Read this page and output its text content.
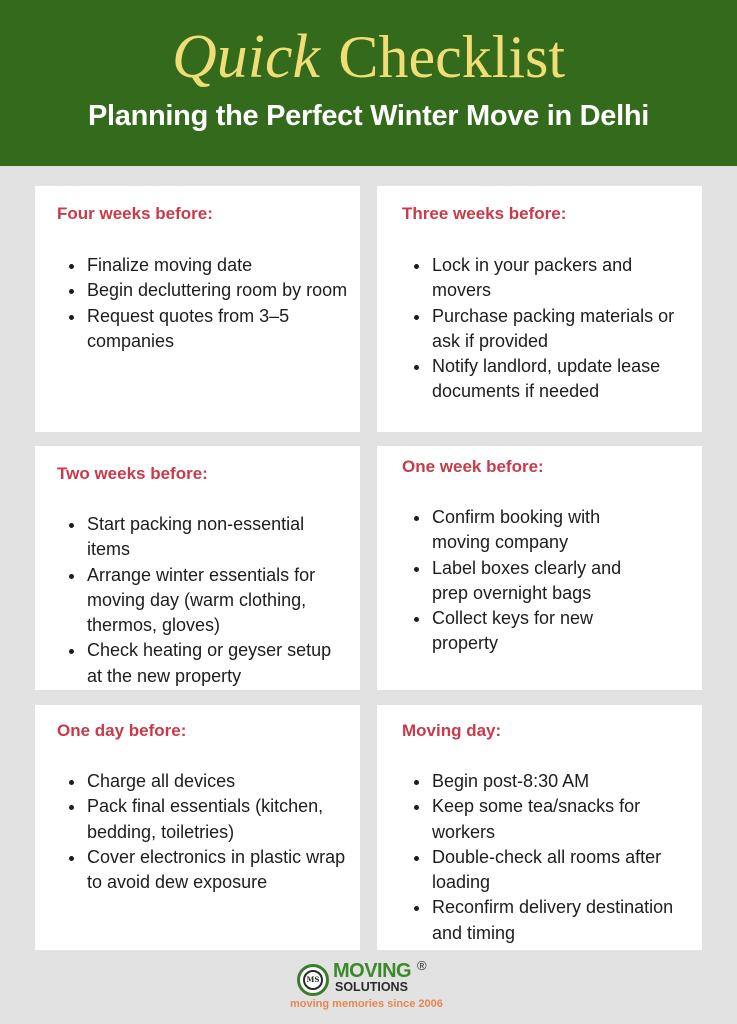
Quick Checklist
Planning the Perfect Winter Move in Delhi
Four weeks before:
Finalize moving date
Begin decluttering room by room
Request quotes from 3–5 companies
Three weeks before:
Lock in your packers and movers
Purchase packing materials or ask if provided
Notify landlord, update lease documents if needed
Two weeks before:
Start packing non-essential items
Arrange winter essentials for moving day (warm clothing, thermos, gloves)
Check heating or geyser setup at the new property
One week before:
Confirm booking with moving company
Label boxes clearly and prep overnight bags
Collect keys for new property
One day before:
Charge all devices
Pack final essentials (kitchen, bedding, toiletries)
Cover electronics in plastic wrap to avoid dew exposure
Moving day:
Begin post-8:30 AM
Keep some tea/snacks for workers
Double-check all rooms after loading
Reconfirm delivery destination and timing
MS MOVING ®
SOLUTIONS
moving memories since 2006
